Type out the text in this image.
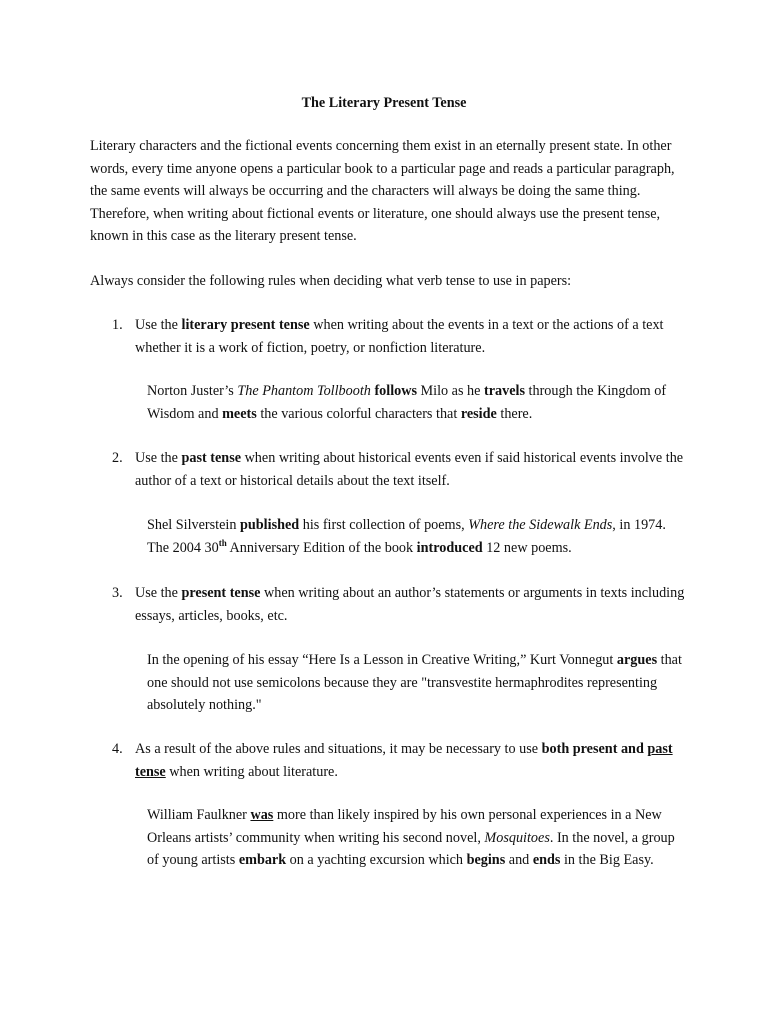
The Literary Present Tense
Literary characters and the fictional events concerning them exist in an eternally present state. In other words, every time anyone opens a particular book to a particular page and reads a particular paragraph, the same events will always be occurring and the characters will always be doing the same thing. Therefore, when writing about fictional events or literature, one should always use the present tense, known in this case as the literary present tense.
Always consider the following rules when deciding what verb tense to use in papers:
1. Use the literary present tense when writing about the events in a text or the actions of a text whether it is a work of fiction, poetry, or nonfiction literature.
Norton Juster’s The Phantom Tollbooth follows Milo as he travels through the Kingdom of Wisdom and meets the various colorful characters that reside there.
2. Use the past tense when writing about historical events even if said historical events involve the author of a text or historical details about the text itself.
Shel Silverstein published his first collection of poems, Where the Sidewalk Ends, in 1974. The 2004 30th Anniversary Edition of the book introduced 12 new poems.
3. Use the present tense when writing about an author’s statements or arguments in texts including essays, articles, books, etc.
In the opening of his essay “Here Is a Lesson in Creative Writing,” Kurt Vonnegut argues that one should not use semicolons because they are "transvestite hermaphrodites representing absolutely nothing."
4. As a result of the above rules and situations, it may be necessary to use both present and past tense when writing about literature.
William Faulkner was more than likely inspired by his own personal experiences in a New Orleans artists’ community when writing his second novel, Mosquitoes. In the novel, a group of young artists embark on a yachting excursion which begins and ends in the Big Easy.
